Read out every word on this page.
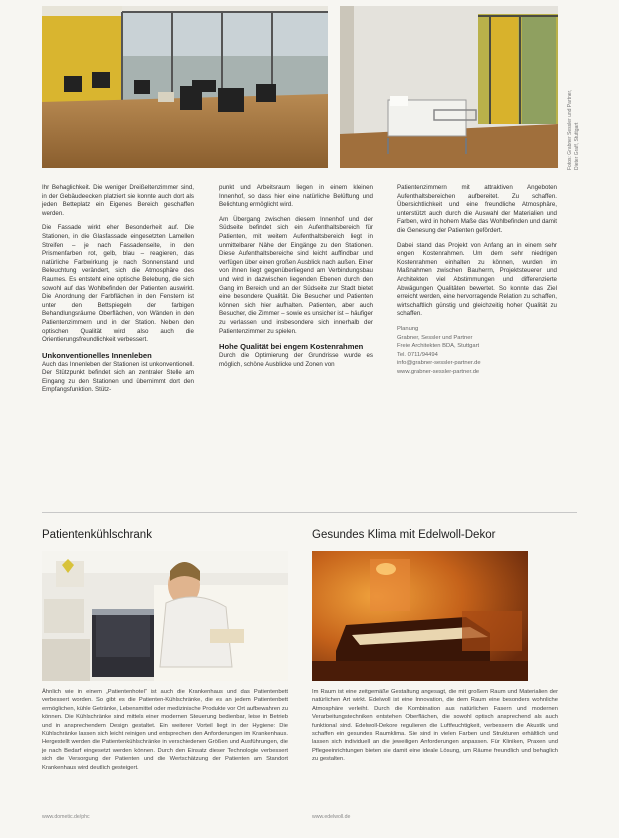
Fotos: Grabner Sessler und Partner, Dieter Graff, Stuttgart

Ihr Behaglichkeit. Die weniger Dreißeltenzimmer sind, in der Gebäudeecken platziert sie konnte auch dort als jeden Betteplatz ein Eigenes Bereich geschaffen werden.

Die Fassade wirkt eher Besonderheit auf. Die Stationen, in die Glasfassade eingesetzten Lamellen Streifen – je nach Fassadenseite, in den Prismenfarben rot, gelb, blau – reagieren, das natürliche Farbwirkung je nach Sonnenstand und Beleuchtung verändert, sich die Atmosphäre des Raumes. Es entsteht eine optische Belebung, die sich sowohl auf das Wohlbefinden der Patienten auswirkt. Die Anordnung der Farbflächen in den Fenstern ist unter den Bettspiegeln der farbigen Behandlungsräume Oberflächen, von Wänden in den Patientenzimmern und in der Station. Neben den optischen Qualität wird also auch die Orientierungsfreundlichkeit verbessert.

Unkonventionelles Innenleben

Auch das Innenleben der Stationen ist unkonventionell. Der Stützpunkt befindet sich an zentraler Stelle am Eingang zu den Stationen und übernimmt dort den Empfangsfunktion. Stütz-

punkt und Arbeitsraum liegen in einem kleinen Innenhof, so dass hier eine natürliche Belüftung und Belichtung ermöglicht wird.

Am Übergang zwischen diesem Innenhof und der Südseite befindet sich ein Aufenthaltsbereich für Patienten, mit weitem Aufenthaltsbereich liegt in unmittelbarer Nähe der Eingänge zu den Stationen. Diese Aufenthaltsbereiche sind leicht auffindbar und verfügen über einen großen Ausblick nach außen. Einer von ihnen liegt gegenüberliegend am Verbindungsbau und wird in dazwischen liegenden Ebenen durch den Gang im Bereich und an der Südseite zur Stadt bietet eine besondere Qualität. Die Besucher und Patienten können sich hier aufhalten. Patienten, aber auch Besucher, die Zimmer – sowie es unsicher ist – häufiger zu verlassen und insbesondere sich innerhalb der Patientenzimmer zu spielen.

Hohe Qualität bei engem Kostenrahmen

Durch die Optimierung der Grundrisse wurde es möglich, schöne Ausblicke und Zonen von

Patientenzimmern mit attraktiven Angeboten Aufenthaltsbereichen aufbereitet. Zu schaffen. Übersichtlichkeit und eine freundliche Atmosphäre, unterstützt auch durch die Auswahl der Materialien und Farben, wird in hohem Maße das Wohlbefinden und damit die Genesung der Patienten gefördert.

Dabei stand das Projekt von Anfang an in einem sehr engen Kostenrahmen. Um dem sehr niedrigen Kostenrahmen einhalten zu können, wurden im Maßnahmen zwischen Bauherrn, Projektsteuerer und Architekten viel Abstimmungen und differenzierte Abwägungen Qualitäten bewertet. So konnte das Ziel erreicht werden, eine hervorragende Relation zu schaffen, wirtschaftlich günstig und gleichzeitig hoher Qualität zu schaffen.

Planung
Grabner, Sessler und Partner
Freie Architekten BDA, Stuttgart
Tel. 0711/94494
info@grabner-sessler-partner.de
www.grabner-sessler-partner.de
Patientenkühlschrank
Ähnlich wie in einem „Patientenhotel“ ist auch die Krankenhaus und das Patientenbett verbessert worden. So gibt es die Patienten-Kühlschränke, die es an jedem Patientenbett ermöglichen, kühle Getränke, Lebensmittel oder medizinische Produkte vor Ort aufbewahren zu können. Die Kühlschränke sind mittels einer modernen Steuerung bedienbar, leise in Betrieb und in ansprechendem Design gestaltet. Ein weiterer Vorteil liegt in der Hygiene: Die Kühlschränke lassen sich leicht reinigen und entsprechen den Anforderungen im Krankenhaus. Hergestellt werden die Patientenkühlschränke in verschiedenen Größen und Ausführungen, die je nach Bedarf eingesetzt werden können. Durch den Einsatz dieser Technologie verbessert sich die Versorgung der Patienten und die Wertschätzung der Patienten am Standort Krankenhaus wird deutlich gesteigert.
www.dometic.de/phc
Gesundes Klima mit Edelwoll-Dekor
Im Raum ist eine zeitgemäße Gestaltung angesagt, die mit großem Raum und Materialien der natürlichen Art wirkt. Edelwoll ist eine Innovation, die dem Raum eine besonders wohnliche Atmosphäre verleiht. Durch die Kombination aus natürlichen Fasern und modernen Verarbeitungstechniken entstehen Oberflächen, die sowohl optisch ansprechend als auch funktional sind. Edelwoll-Dekore regulieren die Luftfeuchtigkeit, verbessern die Akustik und schaffen ein gesundes Raumklima. Sie sind in vielen Farben und Strukturen erhältlich und lassen sich individuell an die jeweiligen Anforderungen anpassen. Für Kliniken, Praxen und Pflegeeinrichtungen bieten sie damit eine ideale Lösung, um Räume freundlich und behaglich zu gestalten.
www.edelwoll.de
